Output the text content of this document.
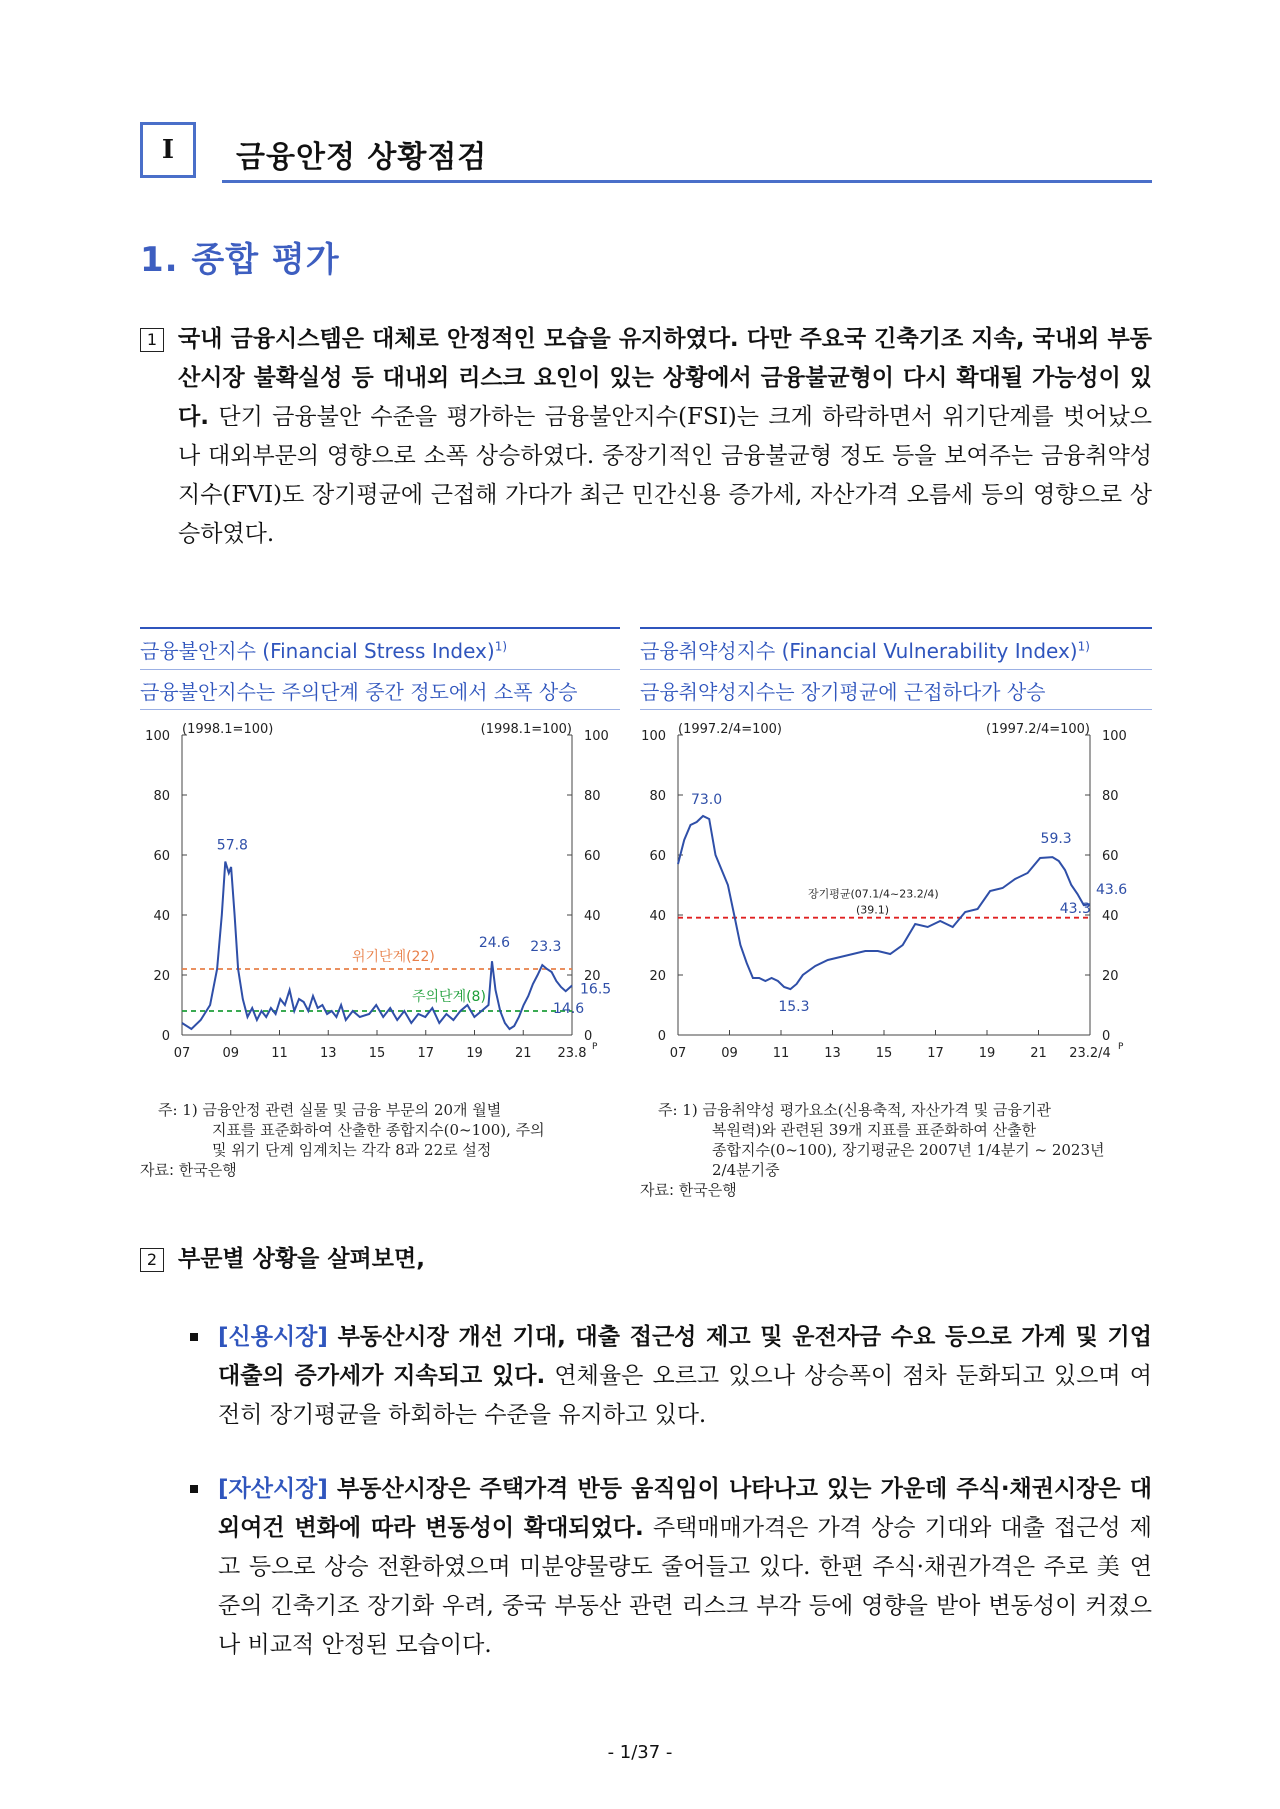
I 금융안정 상황점검
1. 종합 평가
1 국내 금융시스템은 대체로 안정적인 모습을 유지하였다. 다만 주요국 긴축기조 지속, 국내외 부동산시장 불확실성 등 대내외 리스크 요인이 있는 상황에서 금융불균형이 다시 확대될 가능성이 있다. 단기 금융불안 수준을 평가하는 금융불안지수(FSI)는 크게 하락하면서 위기단계를 벗어났으나 대외부문의 영향으로 소폭 상승하였다. 중장기적인 금융불균형 정도 등을 보여주는 금융취약성지수(FVI)도 장기평균에 근접해 가다가 최근 민간신용 증가세, 자산가격 오름세 등의 영향으로 상승하였다.
금융불안지수 (Financial Stress Index)$^{1)}$
금융불안지수는 주의단계 중간 정도에서 소폭 상승
금융취약성지수 (Financial Vulnerability Index)$^{1)}$
금융취약성지수는 장기평균에 근접하다가 상승
0	0
20	20
40	40
60	60
80	80
100	100
07 09 11 13 15 17 19 21 23.8 P
(1998.1=100)	(1998.1=100)
위기단계(22)
주의단계(8)
57.8
24.6 23.3
16.5
14.6
0	0
20	20
40	40
60	60
80	80
100	100
07	09	11	13	15	17	19	21 23.2/4 P
(1997.2/4=100)	(1997.2/4=100)
장기평균(07.1/4~23.2/4)
(39.1)
73.0
15.3
59.3
43.6
43.3
주: 1) 금융안정 관련 실물 및 금융 부문의 20개 월별
지표를 표준화하여 산출한 종합지수(0~100), 주의
및 위기 단계 임계치는 각각 8과 22로 설정
자료: 한국은행
주: 1) 금융취약성 평가요소(신용축적, 자산가격 및 금융기관
복원력)와 관련된 39개 지표를 표준화하여 산출한
종합지수(0~100), 장기평균은 2007년 1/4분기 ~ 2023년
2/4분기중
자료: 한국은행
2 부문별 상황을 살펴보면,
[신용시장] 부동산시장 개선 기대, 대출 접근성 제고 및 운전자금 수요 등으로 가계 및 기업 대출의 증가세가 지속되고 있다. 연체율은 오르고 있으나 상승폭이 점차 둔화되고 있으며 여전히 장기평균을 하회하는 수준을 유지하고 있다.
[자산시장] 부동산시장은 주택가격 반등 움직임이 나타나고 있는 가운데 주식·채권시장은 대외여건 변화에 따라 변동성이 확대되었다. 주택매매가격은 가격 상승 기대와 대출 접근성 제고 등으로 상승 전환하였으며 미분양물량도 줄어들고 있다. 한편 주식·채권가격은 주로 美 연준의 긴축기조 장기화 우려, 중국 부동산 관련 리스크 부각 등에 영향을 받아 변동성이 커졌으나 비교적 안정된 모습이다.
- 1/37 -
